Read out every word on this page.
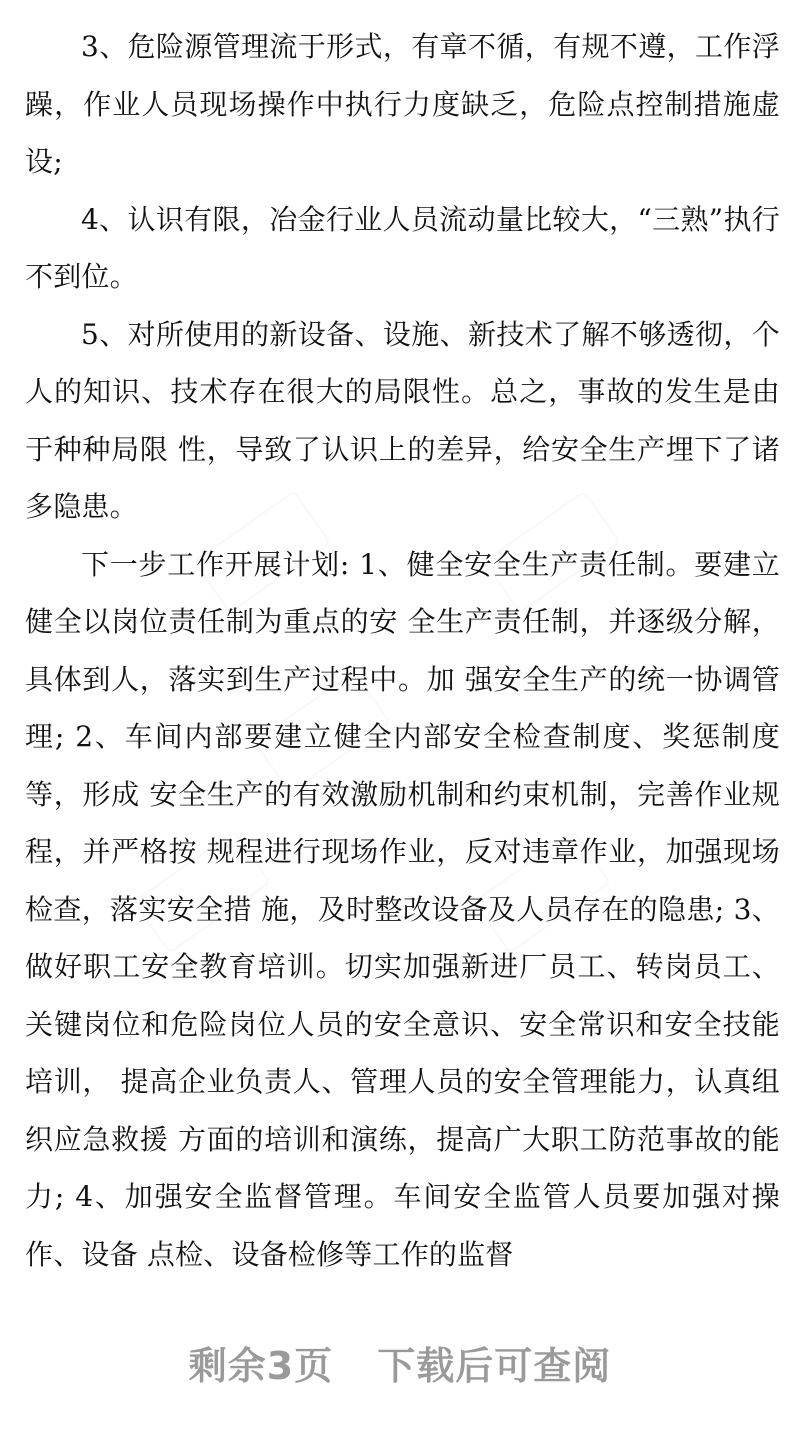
3、危险源管理流于形式，有章不循，有规不遵，工作浮躁，作业人员现场操作中执行力度缺乏，危险点控制措施虚设;

4、认识有限，冶金行业人员流动量比较大，“三熟”执行不到位。

5、对所使用的新设备、设施、新技术了解不够透彻，个人的知识、技术存在很大的局限性。总之，事故的发生是由于种种局限 性，导致了认识上的差异，给安全生产埋下了诸多隐患。

下一步工作开展计划: 1、健全安全生产责任制。要建立健全以岗位责任制为重点的安 全生产责任制，并逐级分解，具体到人，落实到生产过程中。加 强安全生产的统一协调管理; 2、车间内部要建立健全内部安全检查制度、奖惩制度等，形成 安全生产的有效激励机制和约束机制，完善作业规程，并严格按 规程进行现场作业，反对违章作业，加强现场检查，落实安全措 施，及时整改设备及人员存在的隐患; 3、做好职工安全教育培训。切实加强新进厂员工、转岗员工、 关键岗位和危险岗位人员的安全意识、安全常识和安全技能培训， 提高企业负责人、管理人员的安全管理能力，认真组织应急救援 方面的培训和演练，提高广大职工防范事故的能力; 4、加强安全监督管理。车间安全监管人员要加强对操作、设备 点检、设备检修等工作的监督

剩余3页 下载后可查阅
